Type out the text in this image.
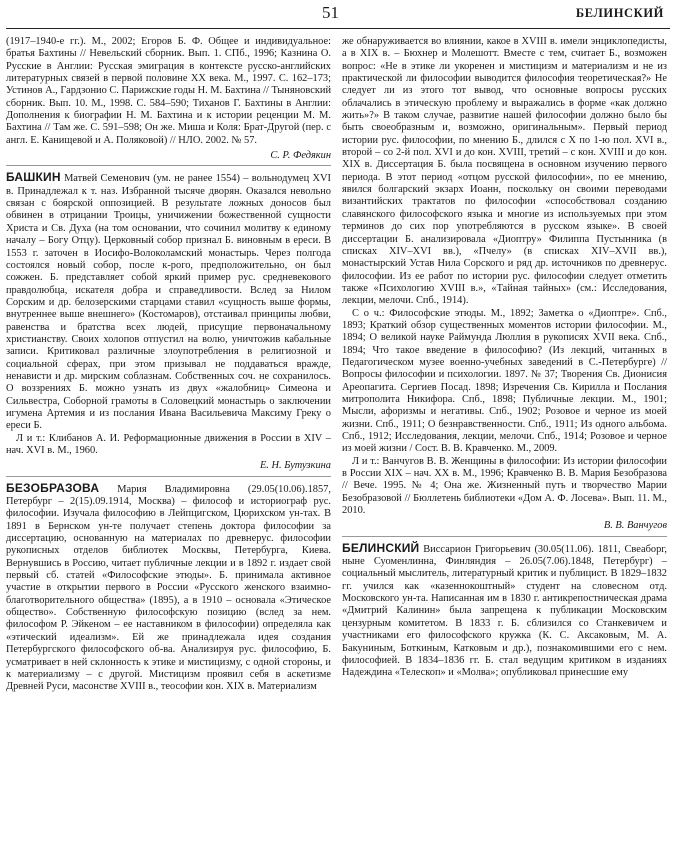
51	БЕЛИНСКИЙ

(1917–1940-е гг.). М., 2002; Егоров Б. Ф. Общее и индивидуальное: братья Бахтины // Невельский сборник. Вып. 1. СПб., 1996; Казнина О. Русские в Англии: Русская эмиграция в контексте русско-английских литературных связей в первой половине XX века. М., 1997. С. 162–173; Устинов А., Гардзонио С. Парижские годы Н. М. Бахтина // Тыняновский сборник. Вып. 10. М., 1998. С. 584–590; Тиханов Г. Бахтины в Англии: Дополнения к биографии Н. М. Бахтина и к истории реценции М. М. Бахтина // Там же. С. 591–598; Он же. Миша и Коля: Брат-Другой (пер. с англ. Е. Канищевой и А. Поляковой) // НЛО. 2002. № 57.

С. Р. Федякин

БАШКИН Матвей Семенович (ум. не ранее 1554) – вольнодумец XVI в. Принадлежал к т. наз. Избранной тысяче дворян. Оказался невольно связан с боярской оппозицией. В результате ложных доносов был обвинен в отрицании Троицы, уничижении божественной сущности Христа и Св. Духа (на том основании, что сочинил молитву к единому началу – Богу Отцу). Церковный собор признал Б. виновным в ереси. В 1553 г. заточен в Иосифо-Волоколамский монастырь. Через полгода состоялся новый собор, после к-рого, предположительно, он был сожжен. Б. представляет собой яркий пример рус. средневекового правдолюбца, искателя добра и справедливости. Вслед за Нилом Сорским и др. белозерскими старцами ставил «сущность выше формы, внутреннее выше внешнего» (Костомаров), отстаивал принципы любви, равенства и братства всех людей, присущие первоначальному христианству. Своих холопов отпустил на волю, уничтожив кабальные записи. Критиковал различные злоупотребления в религиозной и социальной сферах, при этом призывал не поддаваться вражде, ненависти и др. мирским соблазнам. Собственных соч. не сохранилось. О воззрениях Б. можно узнать из двух «жалобниц» Симеона и Сильвестра, Соборной грамоты в Соловецкий монастырь о заключении игумена Артемия и из послания Ивана Васильевича Максиму Греку о ереси Б.

Л и т.: Клибанов А. И. Реформационные движения в России в XIV – нач. XVI в. М., 1960.

Е. Н. Бутузкина

БЕЗОБРАЗОВА Мария Владимировна (29.05(10.06).1857, Петербург – 2(15).09.1914, Москва) – философ и историограф рус. философии. Изучала философию в Лейпцигском, Цюрихском ун-тах. В 1891 в Бернском ун-те получает степень доктора философии за диссертацию, основанную на материалах по древнерус. философии рукописных отделов библиотек Москвы, Петербурга, Киева. Вернувшись в Россию, читает публичные лекции и в 1892 г. издает свой первый сб. статей «Философские этюды». Б. принимала активное участие в открытии первого в России «Русского женского взаимно-благотворительного общества» (1895), а в 1910 – основала «Этическое общество». Собственную философскую позицию (вслед за нем. философом Р. Эйкеном – ее наставником в философии) определяла как «этический идеализм». Ей же принадлежала идея создания Петербургского философского об-ва. Анализируя рус. философию, Б. усматривает в ней склонность к этике и мистицизму, с одной стороны, и к материализму – с другой. Мистицизм проявил себя в аскетизме Древней Руси, масонстве XVIII в., теософии кон. XIX в. Материализм

же обнаруживается во влиянии, какое в XVIII в. имели энциклопедисты, а в XIX в. – Бюхнер и Молешотт. Вместе с тем, считает Б., возможен вопрос: «Не в этике ли укоренен и мистицизм и материализм и не из практической ли философии выводится философия теоретическая?» Не следует ли из этого тот вывод, что основные вопросы русских облачались в этическую проблему и выражались в форме «как должно жить»?» В таком случае, развитие нашей философии должно было бы быть своеобразным и, возможно, оригинальным». Первый период истории рус. философии, по мнению Б., длился с X по 1-ю пол. XVI в., второй – со 2-й пол. XVI и до кон. XVIII, третий – с кон. XVIII и до кон. XIX в. Диссертация Б. была посвящена в основном изучению первого периода. В этот период «отцом русской философии», по ее мнению, явился болгарский экзарх Иоанн, поскольку он своими переводами византийских трактатов по философии «способствовал созданию славянского философского языка и многие из используемых при этом терминов до сих пор употребляются в русском языке». В своей диссертации Б. анализировала «Диоптру» Филиппа Пустынника (в списках XIV–XVI вв.), «Пчелу» (в списках XIV–XVII вв.), монастырский Устав Нила Сорского и ряд др. источников по древнерус. философии. Из ее работ по истории рус. философии следует отметить также «Психологию XVIII в.», «Тайная тайных» (см.: Исследования, лекции, мелочи. Спб., 1914).

С о ч.: Философские этюды. М., 1892; Заметка о «Диоптре». Спб., 1893; Краткий обзор существенных моментов истории философии. М., 1894; О великой науке Раймунда Люллия в рукописях XVII века. Спб., 1894; Что такое введение в философию? (Из лекций, читанных в Педагогическом музее военно-учебных заведений в С.-Петербурге) // Вопросы философии и психологии. 1897. № 37; Творения Св. Дионисия Ареопагита. Сергиев Посад. 1898; Изречения Св. Кирилла и Послания митрополита Никифора. Спб., 1898; Публичные лекции. М., 1901; Мысли, афоризмы и негативы. Спб., 1902; Розовое и черное из моей жизни. Спб., 1911; О безнравственности. Спб., 1911; Из одного альбома. Спб., 1912; Исследования, лекции, мелочи. Спб., 1914; Розовое и черное из моей жизни / Сост. В. В. Кравченко. М., 2009.

Л и т.: Ванчугов В. В. Женщины в философии: Из истории философии в России XIX – нач. XX в. М., 1996; Кравченко В. В. Мария Безобразова // Вече. 1995. № 4; Она же. Жизненный путь и творчество Марии Безобразовой // Бюллетень библиотеки «Дом А. Ф. Лосева». Вып. 11. М., 2010.

В. В. Ванчугов

БЕЛИНСКИЙ Виссарион Григорьевич (30.05(11.06). 1811, Свеаборг, ныне Суоменлинна, Финляндия – 26.05(7.06).1848, Петербург) – социальный мыслитель, литературный критик и публицист. В 1829–1832 гг. учился как «казеннокоштный» студент на словесном отд. Московского ун-та. Написанная им в 1830 г. антикрепостническая драма «Дмитрий Калинин» была запрещена к публикации Московским цензурным комитетом. В 1833 г. Б. сблизился со Станкевичем и участниками его философского кружка (К. С. Аксаковым, М. А. Бакуниным, Боткиным, Катковым и др.), познакомившими его с нем. философией. В 1834–1836 гг. Б. стал ведущим критиком в изданиях Надеждина «Телескоп» и «Молва»; опубликовал принесшие ему
